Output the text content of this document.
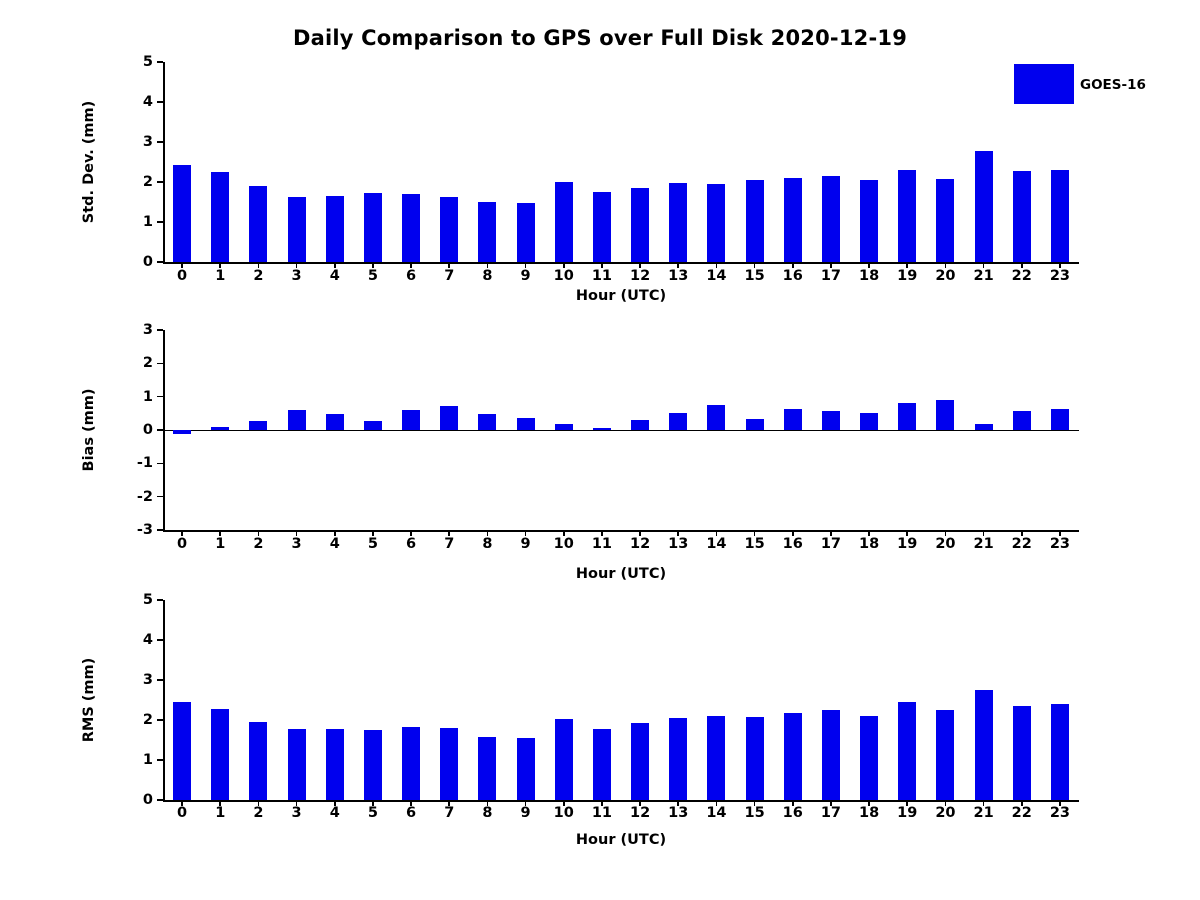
Daily Comparison to GPS over Full Disk 2020-12-19
GOES-16
0
1
2
3
4
5
Std. Dev. (mm)
0 1 2 3 4 5 6 7 8 9 10 11 12 13 14 15 16 17 18 19 20 21 22 23
Hour (UTC)
-3
-2
-1
0
1
2
3
Bias (mm)
0 1 2 3 4 5 6 7 8 9 10 11 12 13 14 15 16 17 18 19 20 21 22 23
Hour (UTC)
0
1
2
3
4
5
RMS (mm)
0 1 2 3 4 5 6 7 8 9 10 11 12 13 14 15 16 17 18 19 20 21 22 23
Hour (UTC)
